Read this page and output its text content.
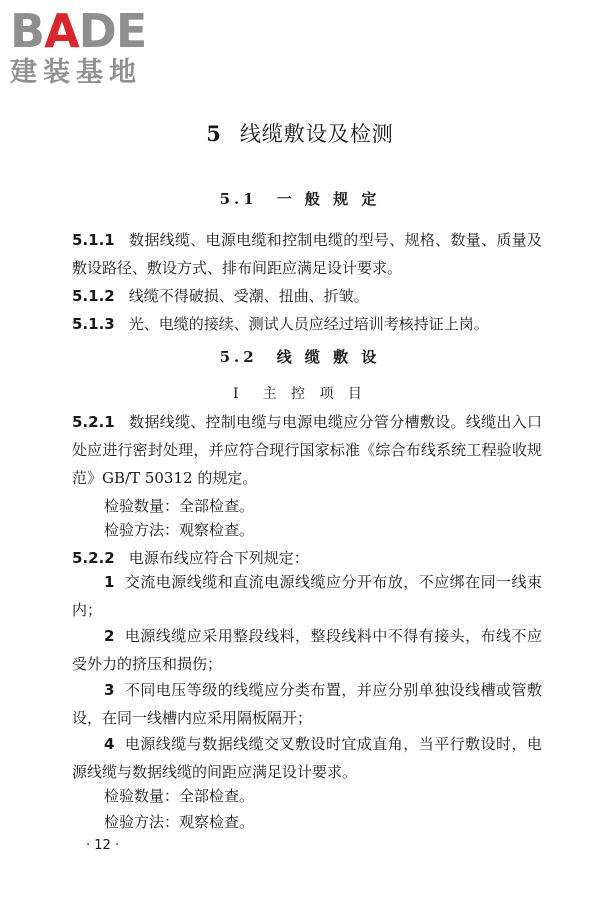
BADE
建装基地
5 线缆敷设及检测
5.1　一 般 规 定
5.1.1 数据线缆、电源电缆和控制电缆的型号、规格、数量、质量及敷设路径、敷设方式、排布间距应满足设计要求。
5.1.2 线缆不得破损、受潮、扭曲、折皱。
5.1.3 光、电缆的接续、测试人员应经过培训考核持证上岗。
5.2　线 缆 敷 设
Ⅰ　主 控 项 目
5.2.1 数据线缆、控制电缆与电源电缆应分管分槽敷设。线缆出入口处应进行密封处理，并应符合现行国家标准《综合布线系统工程验收规范》GB/T 50312 的规定。
检验数量：全部检查。
检验方法：观察检查。
5.2.2 电源布线应符合下列规定：
1 交流电源线缆和直流电源线缆应分开布放，不应绑在同一线束内；
2 电源线缆应采用整段线料，整段线料中不得有接头，布线不应受外力的挤压和损伤；
3 不同电压等级的线缆应分类布置，并应分别单独设线槽或管敷设，在同一线槽内应采用隔板隔开；
4 电源线缆与数据线缆交叉敷设时宜成直角，当平行敷设时，电源线缆与数据线缆的间距应满足设计要求。
检验数量：全部检查。
检验方法：观察检查。
· 12 ·
